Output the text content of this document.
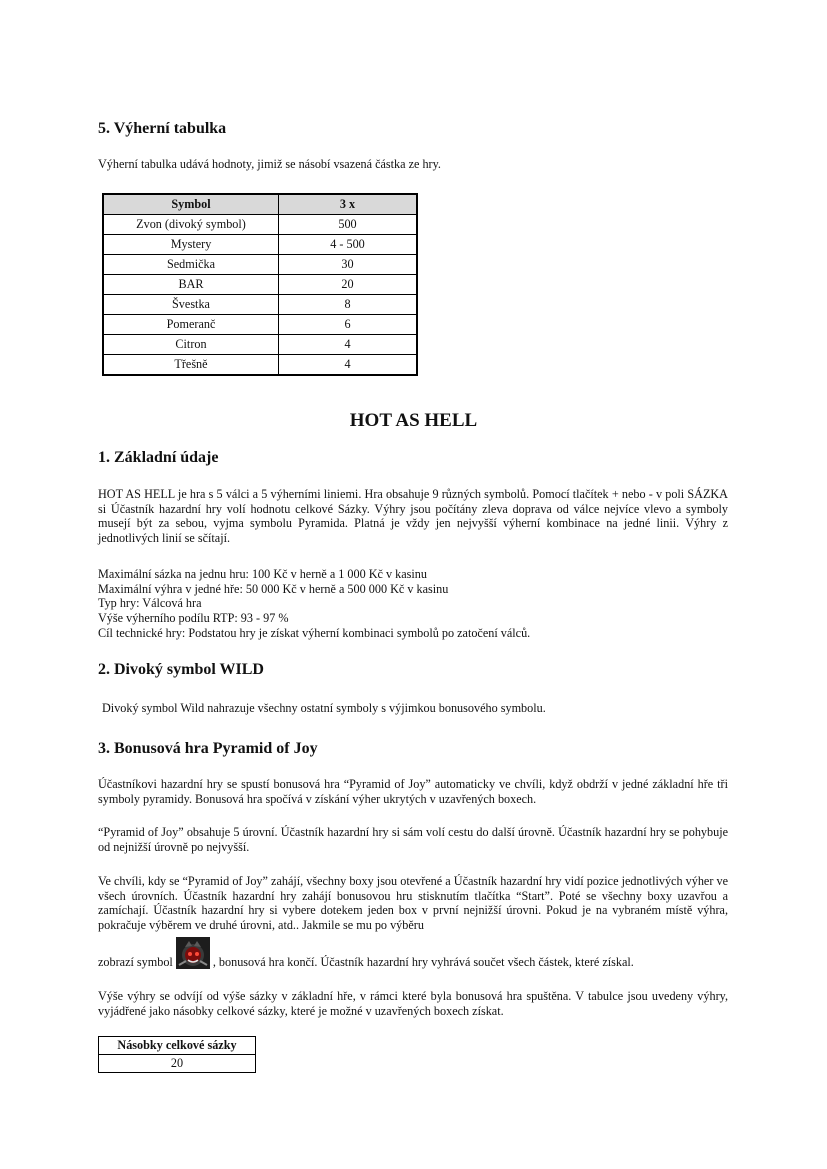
5. Výherní tabulka

Výherní tabulka udává hodnoty, jimiž se násobí vsazená částka ze hry.

Symbol	3 x
Zvon (divoký symbol)	500
Mystery	4 - 500
Sedmička	30
BAR	20
Švestka	8
Pomeranč	6
Citron	4
Třešně	4
HOT AS HELL
1. Základní údaje

HOT AS HELL je hra s 5 válci a 5 výherními liniemi. Hra obsahuje 9 různých symbolů. Pomocí tlačítek + nebo - v poli SÁZKA si Účastník hazardní hry volí hodnotu celkové Sázky. Výhry jsou počítány zleva doprava od válce nejvíce vlevo a symboly musejí být za sebou, vyjma symbolu Pyramida. Platná je vždy jen nejvyšší výherní kombinace na jedné linii. Výhry z jednotlivých linií se sčítají.

Maximální sázka na jednu hru: 100 Kč v herně a 1 000 Kč v kasinu
Maximální výhra v jedné hře: 50 000 Kč v herně a 500 000 Kč v kasinu
Typ hry: Válcová hra
Výše výherního podílu RTP: 93 - 97 %
Cíl technické hry: Podstatou hry je získat výherní kombinaci symbolů po zatočení válců.
2. Divoký symbol WILD

Divoký symbol Wild nahrazuje všechny ostatní symboly s výjimkou bonusového symbolu.

3. Bonusová hra Pyramid of Joy

Účastníkovi hazardní hry se spustí bonusová hra “Pyramid of Joy” automaticky ve chvíli, když obdrží v jedné základní hře tři symboly pyramidy. Bonusová hra spočívá v získání výher ukrytých v uzavřených boxech.

“Pyramid of Joy” obsahuje 5 úrovní. Účastník hazardní hry si sám volí cestu do další úrovně. Účastník hazardní hry se pohybuje od nejnižší úrovně po nejvyšší.

Ve chvíli, kdy se “Pyramid of Joy” zahájí, všechny boxy jsou otevřené a Účastník hazardní hry vidí pozice jednotlivých výher ve všech úrovních. Účastník hazardní hry zahájí bonusovou hru stisknutím tlačítka “Start”. Poté se všechny boxy uzavřou a zamíchají. Účastník hazardní hry si vybere dotekem jeden box v první nejnižší úrovni. Pokud je na vybraném místě výhra, pokračuje výběrem ve druhé úrovni, atd.. Jakmile se mu po výběru

zobrazí symbol	, bonusová hra končí. Účastník hazardní hry vyhrává součet všech částek, které získal.

Výše výhry se odvíjí od výše sázky v základní hře, v rámci které byla bonusová hra spuštěna. V tabulce jsou uvedeny výhry, vyjádřené jako násobky celkové sázky, které je možné v uzavřených boxech získat.

Násobky celkové sázky
20
